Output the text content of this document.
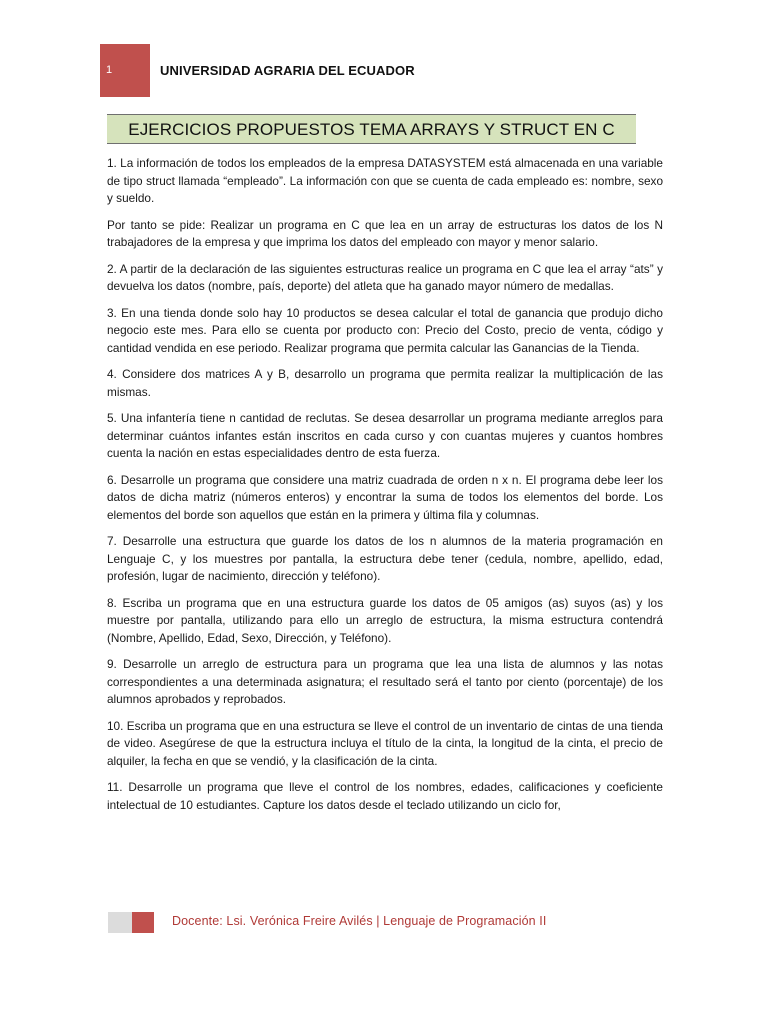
1	UNIVERSIDAD AGRARIA DEL ECUADOR
EJERCICIOS PROPUESTOS TEMA ARRAYS Y STRUCT EN C

1. La información de todos los empleados de la empresa DATASYSTEM está almacenada en una variable de tipo struct llamada “empleado”. La información con que se cuenta de cada empleado es: nombre, sexo y sueldo.

Por tanto se pide: Realizar un programa en C que lea en un array de estructuras los datos de los N trabajadores de la empresa y que imprima los datos del empleado con mayor y menor salario.

2. A partir de la declaración de las siguientes estructuras realice un programa en C que lea el array “ats” y devuelva los datos (nombre, país, deporte) del atleta que ha ganado mayor número de medallas.

3. En una tienda donde solo hay 10 productos se desea calcular el total de ganancia que produjo dicho negocio este mes. Para ello se cuenta por producto con: Precio del Costo, precio de venta, código y cantidad vendida en ese periodo. Realizar programa que permita calcular las Ganancias de la Tienda.

4. Considere dos matrices A y B, desarrollo un programa que permita realizar la multiplicación de las mismas.

5. Una infantería tiene n cantidad de reclutas. Se desea desarrollar un programa mediante arreglos para determinar cuántos infantes están inscritos en cada curso y con cuantas mujeres y cuantos hombres cuenta la nación en estas especialidades dentro de esta fuerza.

6. Desarrolle un programa que considere una matriz cuadrada de orden n x n. El programa debe leer los datos de dicha matriz (números enteros) y encontrar la suma de todos los elementos del borde. Los elementos del borde son aquellos que están en la primera y última fila y columnas.

7. Desarrolle una estructura que guarde los datos de los n alumnos de la materia programación en Lenguaje C, y los muestres por pantalla, la estructura debe tener (cedula, nombre, apellido, edad, profesión, lugar de nacimiento, dirección y teléfono).

8. Escriba un programa que en una estructura guarde los datos de 05 amigos (as) suyos (as) y los muestre por pantalla, utilizando para ello un arreglo de estructura, la misma estructura contendrá (Nombre, Apellido, Edad, Sexo, Dirección, y Teléfono).

9. Desarrolle un arreglo de estructura para un programa que lea una lista de alumnos y las notas correspondientes a una determinada asignatura; el resultado será el tanto por ciento (porcentaje) de los alumnos aprobados y reprobados.

10. Escriba un programa que en una estructura se lleve el control de un inventario de cintas de una tienda de video. Asegúrese de que la estructura incluya el título de la cinta, la longitud de la cinta, el precio de alquiler, la fecha en que se vendió, y la clasificación de la cinta.

11. Desarrolle un programa que lleve el control de los nombres, edades, calificaciones y coeficiente intelectual de 10 estudiantes. Capture los datos desde el teclado utilizando un ciclo for,

Docente: Lsi. Verónica Freire Avilés | Lenguaje de Programación II
